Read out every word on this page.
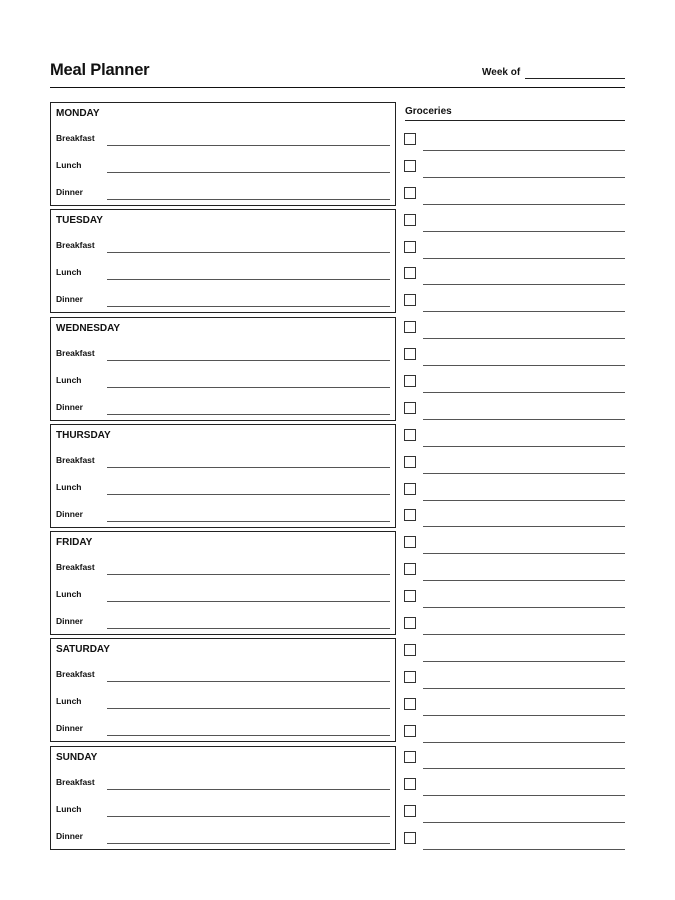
Meal Planner	Week of
MONDAY
Breakfast
Lunch
Dinner
TUESDAY
Breakfast
Lunch
Dinner
WEDNESDAY
Breakfast
Lunch
Dinner
THURSDAY
Breakfast
Lunch
Dinner
FRIDAY
Breakfast
Lunch
Dinner
SATURDAY
Breakfast
Lunch
Dinner
SUNDAY
Breakfast
Lunch
Dinner
Groceries
